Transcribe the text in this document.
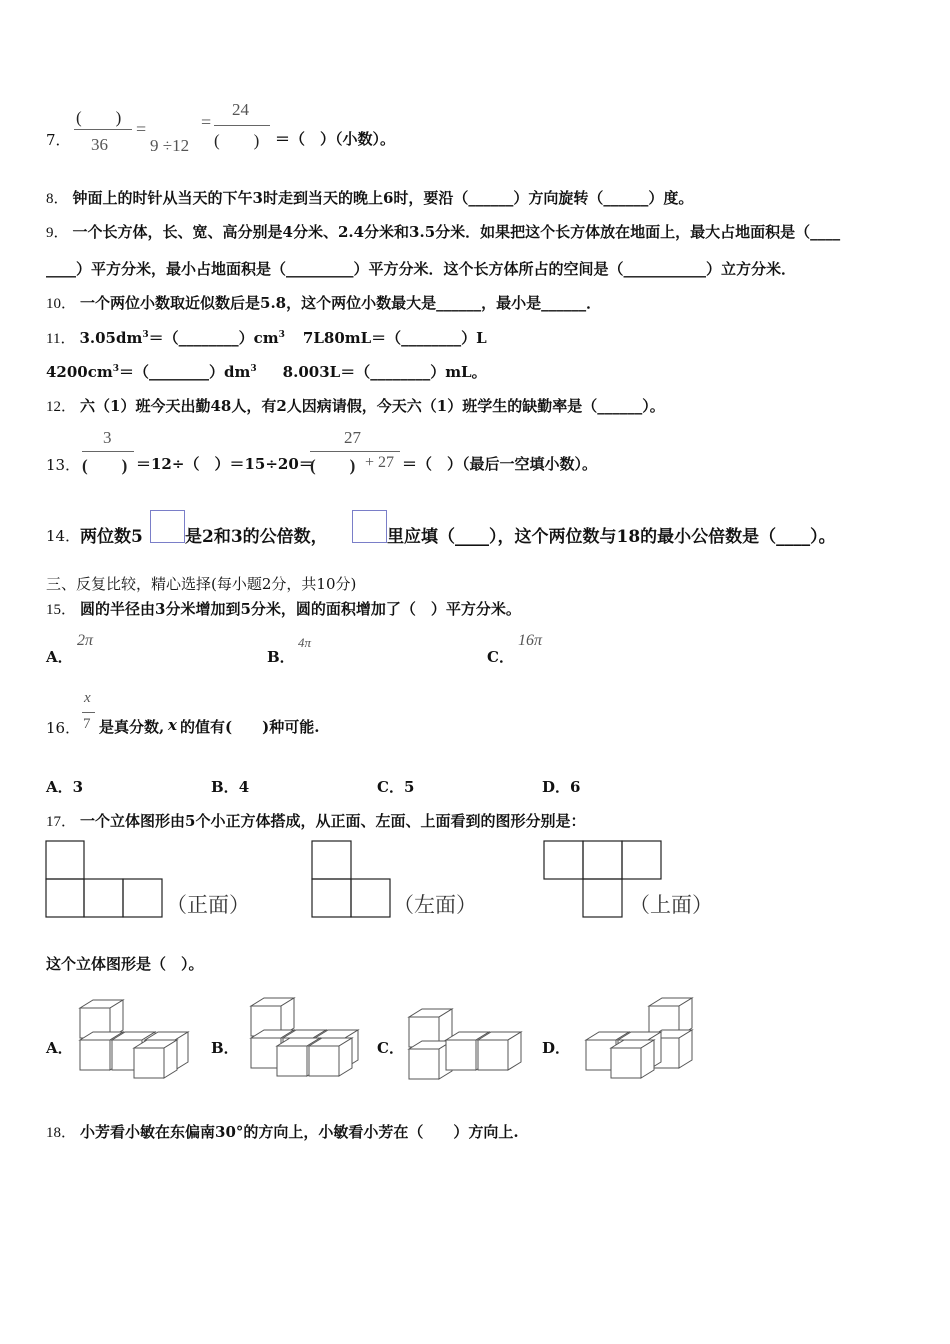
7．
(　　)
36
=
9 ÷12
=
24
(　　) ＝（　）（小数）。
8． 钟面上的时针从当天的下午3时走到当天的晚上6时，要沿（______）方向旋转（______）度。
9． 一个长方体，长、宽、高分别是4分米、2.4分米和3.5分米．如果把这个长方体放在地面上，最大占地面积是（____
____）平方分米，最小占地面积是（_________）平方分米．这个长方体所占的空间是（___________）立方分米．
10． 一个两位小数取近似数后是5.8，这个两位小数最大是______，最小是______．
11． $3.05dm^3=(\_\_\_\_\_\_\_\_)cm^3$ 7L80mL＝（________）L
$4200cm^3=(\_\_\_\_\_\_\_\_)dm^3$ 8.003L＝（________）mL。
12． 六（1）班今天出勤48人，有2人因病请假，今天六（1）班学生的缺勤率是（______）。
13．
3
(　　) ＝12÷（　）＝15÷20＝
27
(　　) + 27 ＝（　）（最后一空填小数）。
14． 两位数5 是2和3的公倍数，	里应填（____），这个两位数与18的最小公倍数是（____）。
三、反复比较，精心选择(每小题2分，共10分)
15． 圆的半径由3分米增加到5分米，圆的面积增加了（　）平方分米。
A．
2π
B．
4π
C．
16π
16．
x
7 是真分数, x 的值有(　　)种可能.
A．3	B．4	C．5	D．6
17． 一个立体图形由5个小正方体搭成，从正面、左面、上面看到的图形分别是：
（正面）	（左面）	（上面）
这个立体图形是（　）。
A．	B．	C．	D．
18． 小芳看小敏在东偏南30°的方向上，小敏看小芳在（　　）方向上.
